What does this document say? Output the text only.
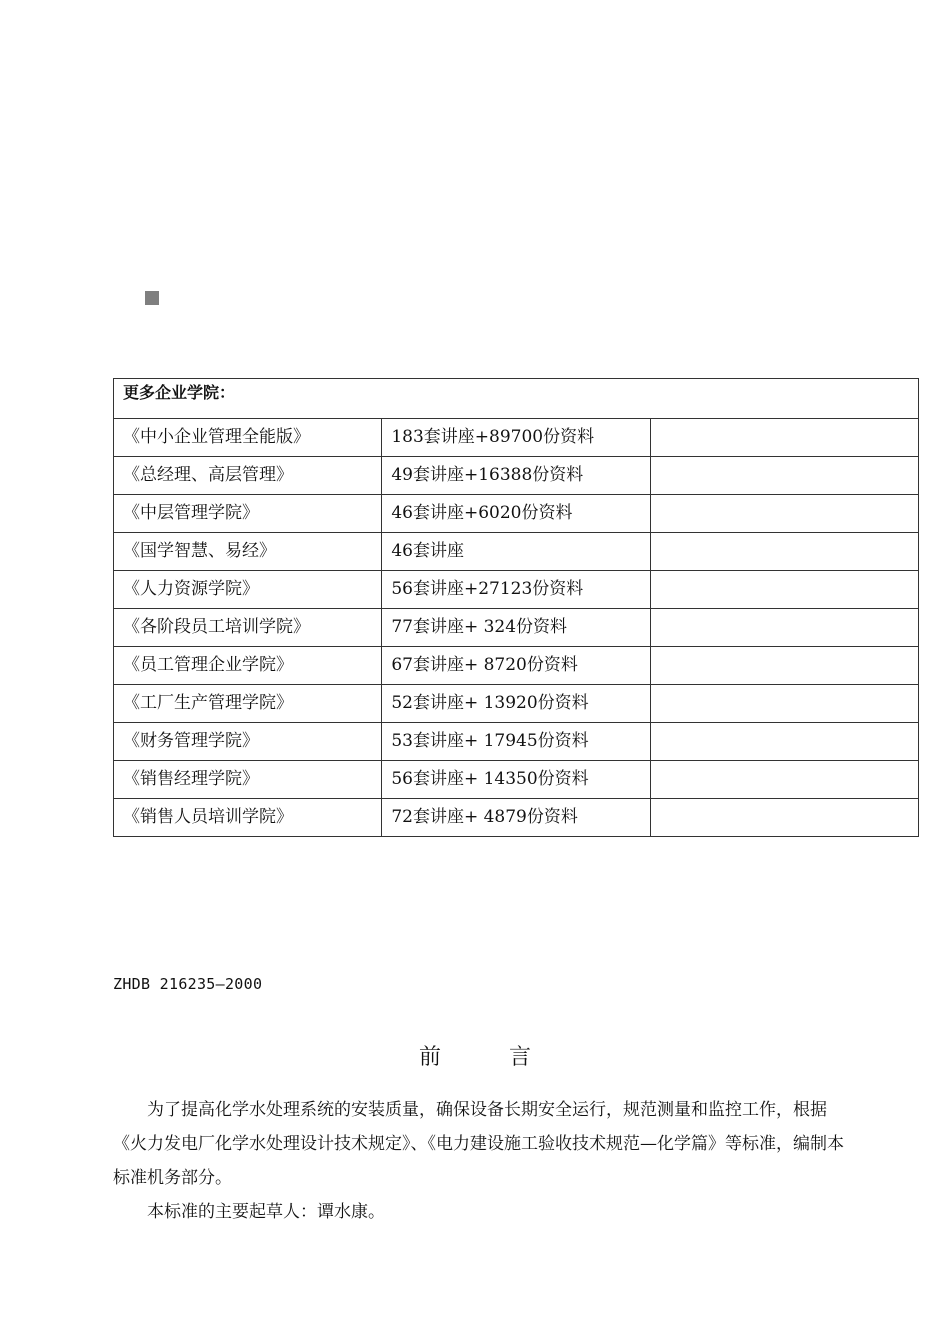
更多企业学院：		
《中小企业管理全能版》	183套讲座+89700份资料	
《总经理、高层管理》	49套讲座+16388份资料	
《中层管理学院》	46套讲座+6020份资料	
《国学智慧、易经》	46套讲座	
《人力资源学院》	56套讲座+27123份资料	
《各阶段员工培训学院》	77套讲座+ 324份资料	
《员工管理企业学院》	67套讲座+ 8720份资料	
《工厂生产管理学院》	52套讲座+ 13920份资料	
《财务管理学院》	53套讲座+ 17945份资料	
《销售经理学院》	56套讲座+ 14350份资料	
《销售人员培训学院》	72套讲座+ 4879份资料	
ZHDB 216235—2000
前	言

为了提高化学水处理系统的安装质量，确保设备长期安全运行，规范测量和监控工作，根据《火力发电厂化学水处理设计技术规定》、《电力建设施工验收技术规范—化学篇》等标准，编制本标准机务部分。

本标准的主要起草人：谭水康。
